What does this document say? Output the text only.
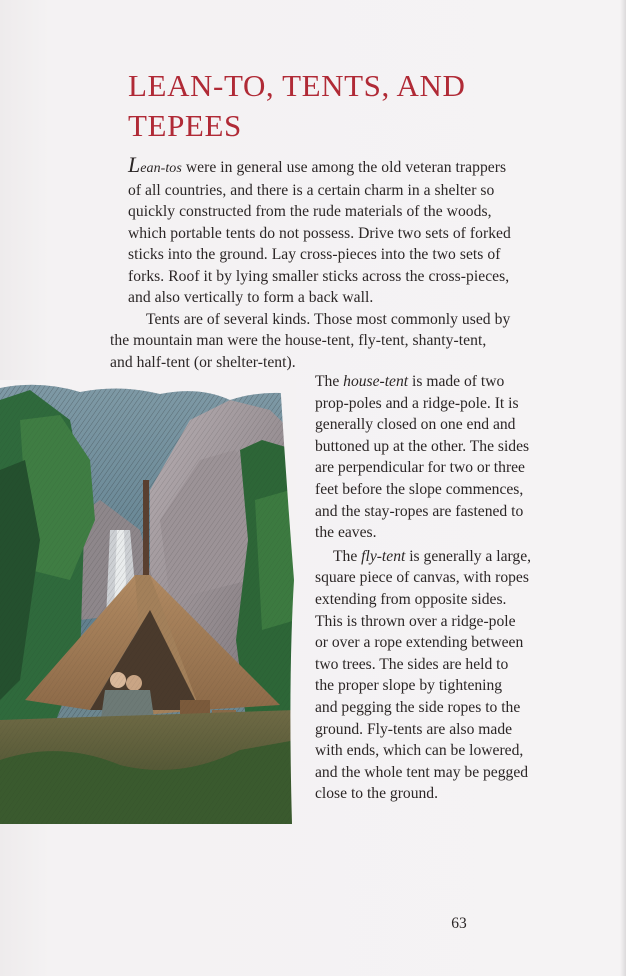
LEAN-TO, TENTS, AND
TEPEES

Lean-tos were in general use among the old veteran trappers
of all countries, and there is a certain charm in a shelter so
quickly constructed from the rude materials of the woods,
which portable tents do not possess. Drive two sets of forked
sticks into the ground. Lay cross-pieces into the two sets of
forks. Roof it by lying smaller sticks across the cross-pieces,
and also vertically to form a back wall.

Tents are of several kinds. Those most commonly used by
the mountain man were the house-tent, fly-tent, shanty-tent,
and half-tent (or shelter-tent).

The house-tent is made of two
prop-poles and a ridge-pole. It is
generally closed on one end and
buttoned up at the other. The sides
are perpendicular for two or three
feet before the slope commences,
and the stay-ropes are fastened to
the eaves.

The fly-tent is generally a large,
square piece of canvas, with ropes
extending from opposite sides.
This is thrown over a ridge-pole
or over a rope extending between
two trees. The sides are held to
the proper slope by tightening
and pegging the side ropes to the
ground. Fly-tents are also made
with ends, which can be lowered,
and the whole tent may be pegged
close to the ground.

63
